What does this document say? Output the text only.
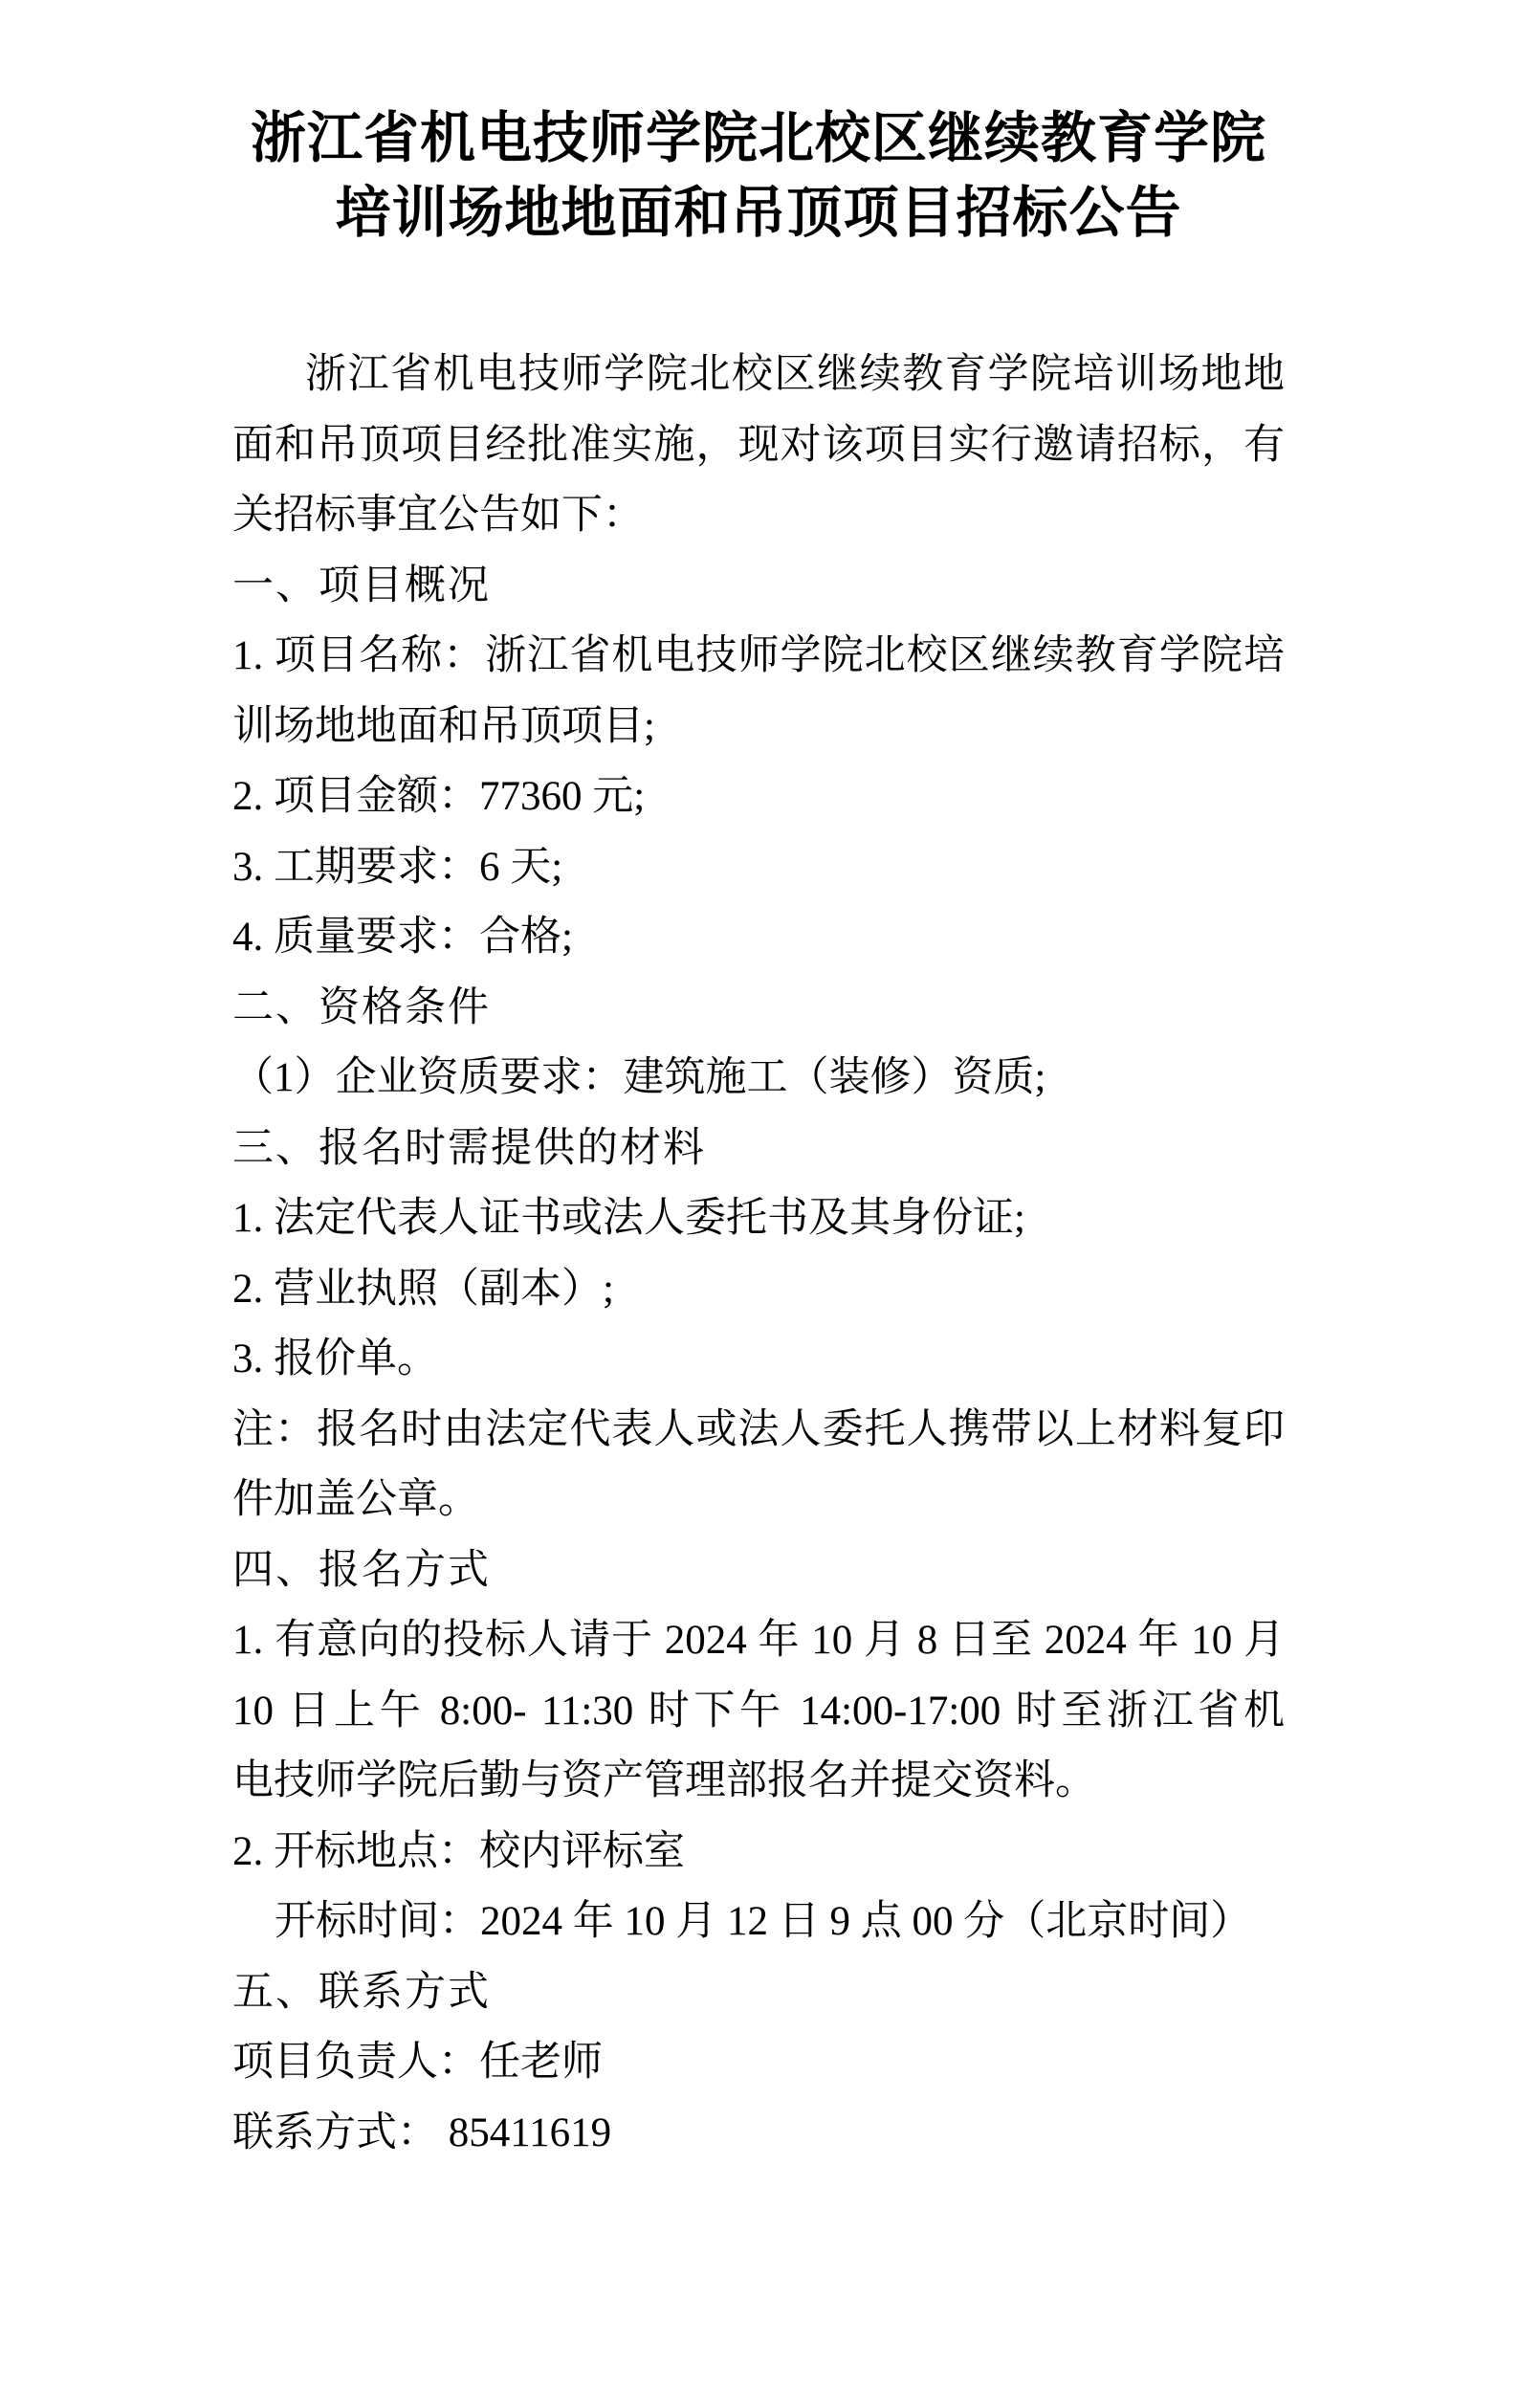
浙江省机电技师学院北校区继续教育学院
培训场地地面和吊顶项目招标公告
浙江省机电技师学院北校区继续教育学院培训场地地
面和吊顶项目经批准实施，现对该项目实行邀请招标，有
关招标事宜公告如下：
一、项目概况
1. 项目名称：浙江省机电技师学院北校区继续教育学院培
训场地地面和吊顶项目;
2. 项目金额：77360 元;
3. 工期要求：6 天;
4. 质量要求：合格;
二、资格条件
（1）企业资质要求：建筑施工（装修）资质;
三、报名时需提供的材料
1. 法定代表人证书或法人委托书及其身份证;
2. 营业执照（副本）;
3. 报价单。
注：报名时由法定代表人或法人委托人携带以上材料复印
件加盖公章。
四、报名方式
1. 有意向的投标人请于 2024 年 10 月 8 日至 2024 年 10 月
10 日上午 8:00- 11:30 时下午 14:00-17:00 时至浙江省机
电技师学院后勤与资产管理部报名并提交资料。
2. 开标地点：校内评标室
开标时间：2024 年 10 月 12 日 9 点 00 分（北京时间）
五、联系方式
项目负责人：任老师
联系方式： 85411619
